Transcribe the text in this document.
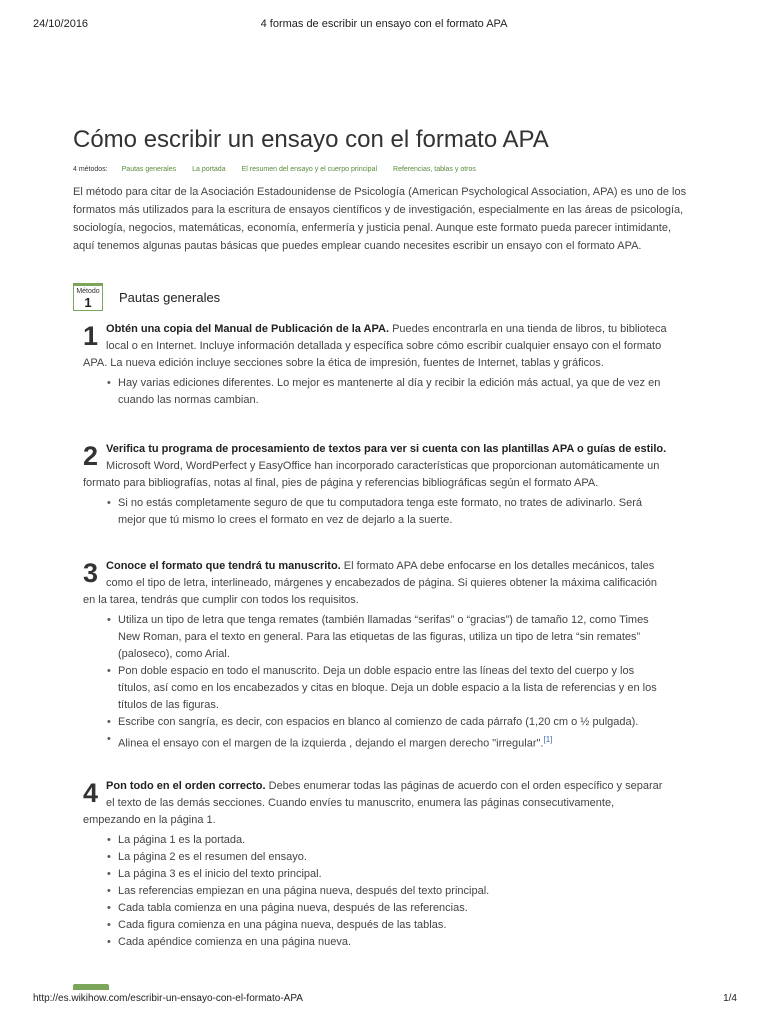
24/10/2016	4 formas de escribir un ensayo con el formato APA
Cómo escribir un ensayo con el formato APA
4 métodos: Pautas generales La portada El resumen del ensayo y el cuerpo principal Referencias, tablas y otros

El método para citar de la Asociación Estadounidense de Psicología (American Psychological Association, APA) es uno de los formatos más utilizados para la escritura de ensayos científicos y de investigación, especialmente en las áreas de psicología, sociología, negocios, matemáticas, economía, enfermería y justicia penal. Aunque este formato pueda parecer intimidante, aquí tenemos algunas pautas básicas que puedes emplear cuando necesites escribir un ensayo con el formato APA.

Método
1 Pautas generales
1 Obtén una copia del Manual de Publicación de la APA. Puedes encontrarla en una tienda de libros, tu biblioteca local o en Internet. Incluye información detallada y específica sobre cómo escribir cualquier ensayo con el formato APA. La nueva edición incluye secciones sobre la ética de impresión, fuentes de Internet, tablas y gráficos.
• Hay varias ediciones diferentes. Lo mejor es mantenerte al día y recibir la edición más actual, ya que de vez en cuando las normas cambian.
2 Verifica tu programa de procesamiento de textos para ver si cuenta con las plantillas APA o guías de estilo. Microsoft Word, WordPerfect y EasyOffice han incorporado características que proporcionan automáticamente un formato para bibliografías, notas al final, pies de página y referencias bibliográficas según el formato APA.
• Si no estás completamente seguro de que tu computadora tenga este formato, no trates de adivinarlo. Será mejor que tú mismo lo crees el formato en vez de dejarlo a la suerte.
3 Conoce el formato que tendrá tu manuscrito. El formato APA debe enfocarse en los detalles mecánicos, tales como el tipo de letra, interlineado, márgenes y encabezados de página. Si quieres obtener la máxima calificación en la tarea, tendrás que cumplir con todos los requisitos.
• Utiliza un tipo de letra que tenga remates (también llamadas “serifas” o “gracias”) de tamaño 12, como Times New Roman, para el texto en general. Para las etiquetas de las figuras, utiliza un tipo de letra “sin remates” (paloseco), como Arial.
• Pon doble espacio en todo el manuscrito. Deja un doble espacio entre las líneas del texto del cuerpo y los títulos, así como en los encabezados y citas en bloque. Deja un doble espacio a la lista de referencias y en los títulos de las figuras.
• Escribe con sangría, es decir, con espacios en blanco al comienzo de cada párrafo (1,20 cm o ½ pulgada).
• Alinea el ensayo con el margen de la izquierda , dejando el margen derecho "irregular".[1]
4 Pon todo en el orden correcto. Debes enumerar todas las páginas de acuerdo con el orden específico y separar el texto de las demás secciones. Cuando envíes tu manuscrito, enumera las páginas consecutivamente, empezando en la página 1.
• La página 1 es la portada.
• La página 2 es el resumen del ensayo.
• La página 3 es el inicio del texto principal.
• Las referencias empiezan en una página nueva, después del texto principal.
• Cada tabla comienza en una página nueva, después de las referencias.
• Cada figura comienza en una página nueva, después de las tablas.
• Cada apéndice comienza en una página nueva.
http://es.wikihow.com/escribir-un-ensayo-con-el-formato-APA	1/4
